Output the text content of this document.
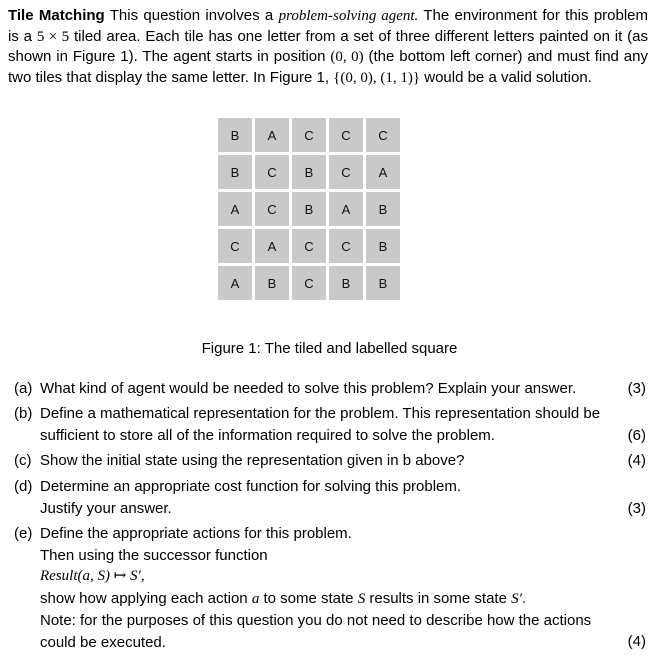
Tile Matching This question involves a problem-solving agent. The environment for this problem is a 5 × 5 tiled area. Each tile has one letter from a set of three different letters painted on it (as shown in Figure 1). The agent starts in position (0, 0) (the bottom left corner) and must find any two tiles that display the same letter. In Figure 1, {(0, 0), (1, 1)} would be a valid solution.
B	A	C	C	C
B	C	B	C	A
A	C	B	A	B
C	A	C	C	B
A	B	C	B	B
Figure 1: The tiled and labelled square
(a) What kind of agent would be needed to solve this problem? Explain your answer.	(3)
(b) Define a mathematical representation for the problem. This representation should be
sufficient to store all of the information required to solve the problem.	(6)
(c) Show the initial state using the representation given in b above?	(4)
(d) Determine an appropriate cost function for solving this problem.
Justify your answer.	(3)
(e) Define the appropriate actions for this problem.
Then using the successor function
Result(a, S) ↦ S′,
show how applying each action a to some state S results in some state S′.
Note: for the purposes of this question you do not need to describe how the actions
could be executed.	(4)
